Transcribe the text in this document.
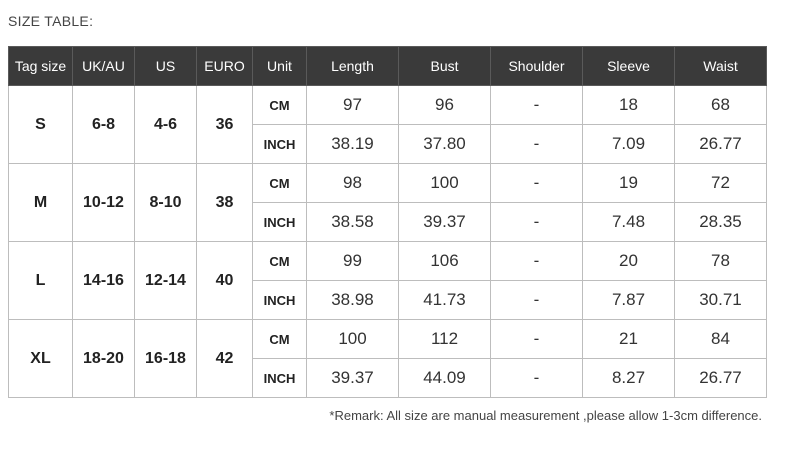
SIZE TABLE:
Tag size	UK/AU	US	EURO	Unit	Length	Bust	Shoulder	Sleeve	Waist
S	6-8	4-6	36	CM	97	96	-	18	68
				INCH	38.19	37.80	-	7.09	26.77
M	10-12	8-10	38	CM	98	100	-	19	72
				INCH	38.58	39.37	-	7.48	28.35
L	14-16	12-14	40	CM	99	106	-	20	78
				INCH	38.98	41.73	-	7.87	30.71
XL	18-20	16-18	42	CM	100	112	-	21	84
				INCH	39.37	44.09	-	8.27	26.77
*Remark: All size are manual measurement ,please allow 1-3cm difference.
